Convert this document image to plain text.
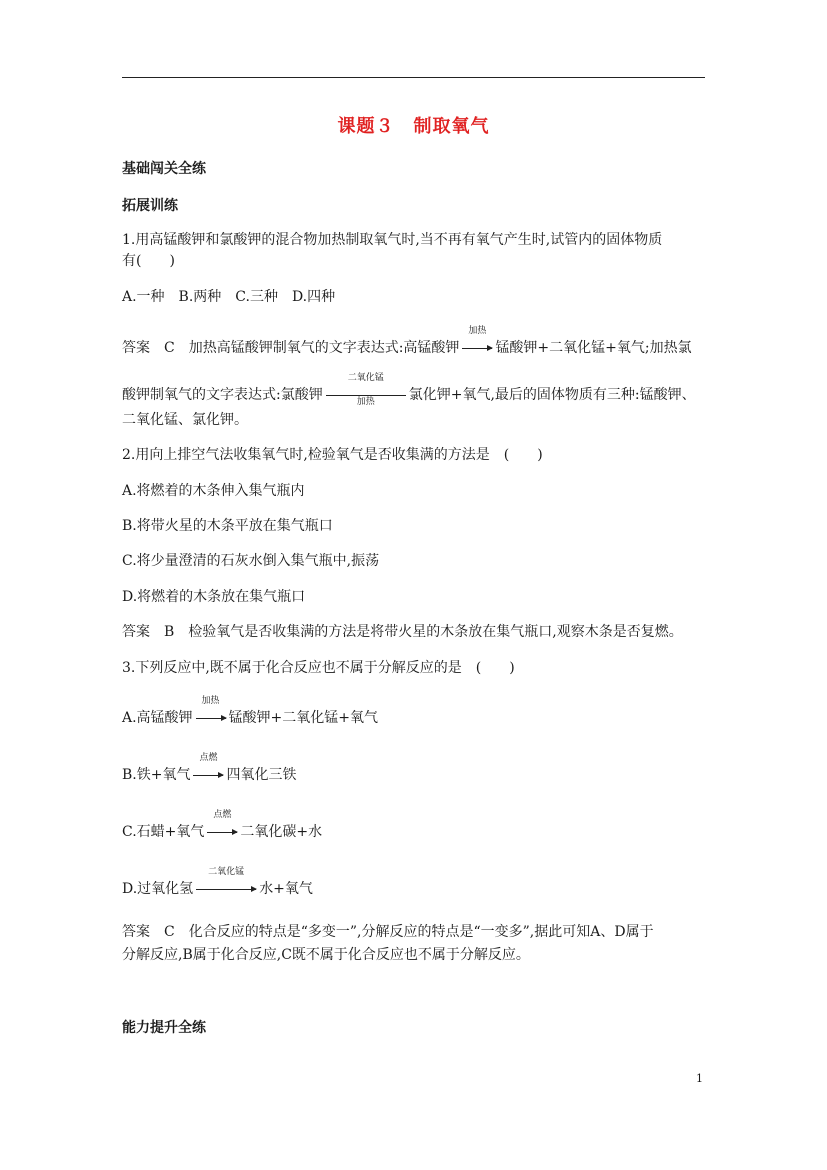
课题３　制取氧气
基础闯关全练
拓展训练
1.用高锰酸钾和氯酸钾的混合物加热制取氧气时,当不再有氧气产生时,试管内的固体物质
有(　　)
A.一种　B.两种　C.三种　D.四种
答案 C 加热高锰酸钾制氧气的文字表达式:高锰酸钾
加热
锰酸钾+二氧化锰+氧气;加热氯
酸钾制氧气的文字表达式:氯酸钾
二氧化锰
加热	氯化钾+氧气,最后的固体物质有三种:锰酸钾、
二氧化锰、氯化钾。
2.用向上排空气法收集氧气时,检验氧气是否收集满的方法是　(　　)
A.将燃着的木条伸入集气瓶内
B.将带火星的木条平放在集气瓶口
C.将少量澄清的石灰水倒入集气瓶中,振荡
D.将燃着的木条放在集气瓶口
答案 B 检验氧气是否收集满的方法是将带火星的木条放在集气瓶口,观察木条是否复燃。
3.下列反应中,既不属于化合反应也不属于分解反应的是　(　　)
A.高锰酸钾
加热
锰酸钾+二氧化锰+氧气
B.铁+氧气
点燃
四氧化三铁
C.石蜡+氧气
点燃
二氧化碳+水
D.过氧化氢
二氧化锰
水+氧气
答案 C 化合反应的特点是“多变一”,分解反应的特点是“一变多”,据此可知A、D属于
分解反应,B属于化合反应,C既不属于化合反应也不属于分解反应。
能力提升全练
1
